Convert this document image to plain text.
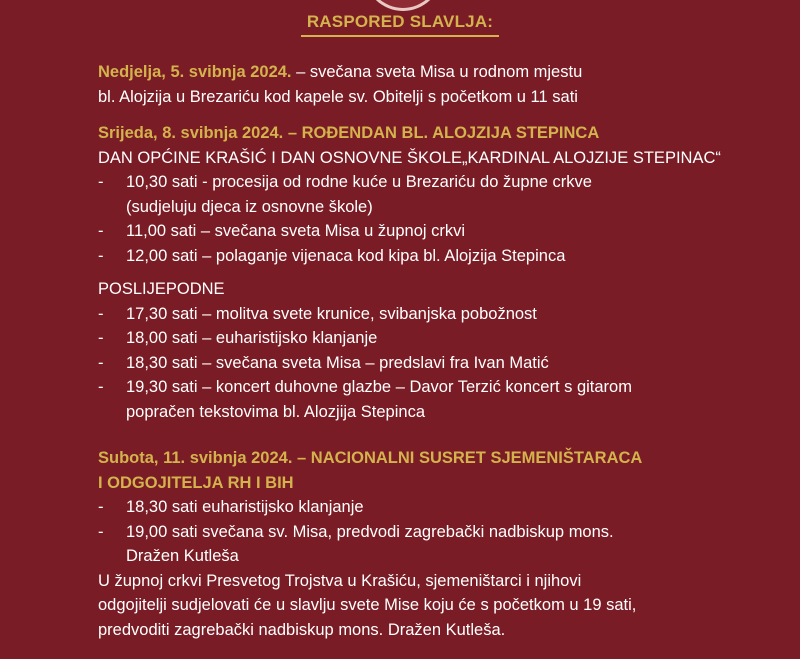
RASPORED SLAVLJA:

Nedjelja, 5. svibnja 2024. – svečana sveta Misa u rodnom mjestu

bl. Alojzija u Brezariću kod kapele sv. Obitelji s početkom u 11 sati

Srijeda, 8. svibnja 2024. – ROĐENDAN BL. ALOJZIJA STEPINCA

DAN OPĆINE KRAŠIĆ I DAN OSNOVNE ŠKOLE„KARDINAL ALOJZIJE STEPINAC“

- 10,30 sati - procesija od rodne kuće u Brezariću do župne crkve

(sudjeluju djeca iz osnovne škole)

- 11,00 sati – svečana sveta Misa u župnoj crkvi

- 12,00 sati – polaganje vijenaca kod kipa bl. Alojzija Stepinca

POSLIJEPODNE

- 17,30 sati – molitva svete krunice, svibanjska pobožnost

- 18,00 sati – euharistijsko klanjanje

- 18,30 sati – svečana sveta Misa – predslavi fra Ivan Matić

- 19,30 sati – koncert duhovne glazbe – Davor Terzić koncert s gitarom

popračen tekstovima bl. Alozjija Stepinca

Subota, 11. svibnja 2024. – NACIONALNI SUSRET SJEMENIŠTARACA

I ODGOJITELJA RH I BIH

- 18,30 sati euharistijsko klanjanje

- 19,00 sati svečana sv. Misa, predvodi zagrebački nadbiskup mons.

Dražen Kutleša

U župnoj crkvi Presvetog Trojstva u Krašiću, sjemeništarci i njihovi

odgojitelji sudjelovati će u slavlju svete Mise koju će s početkom u 19 sati,

predvoditi zagrebački nadbiskup mons. Dražen Kutleša.
